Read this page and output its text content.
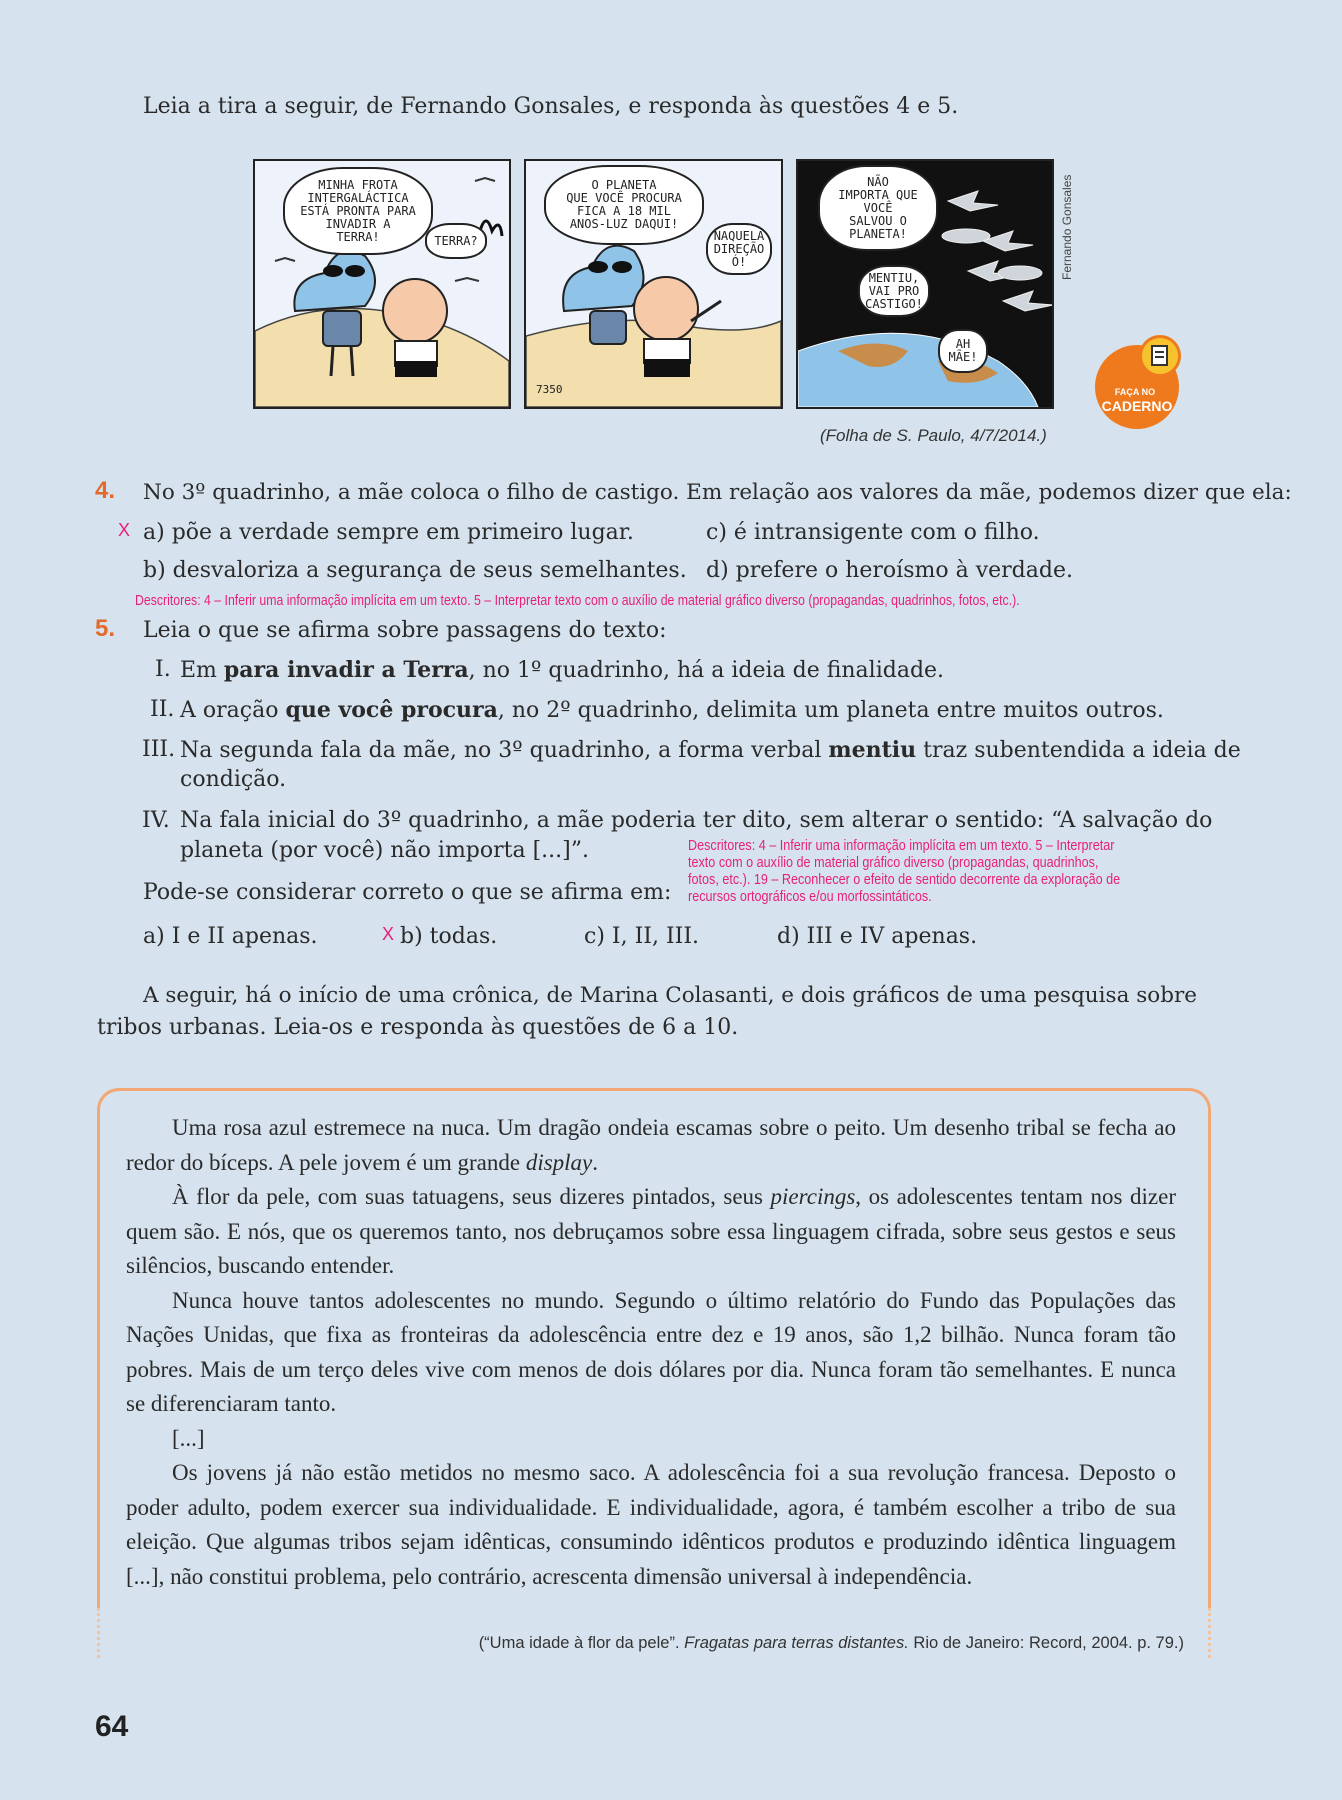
Leia a tira a seguir, de Fernando Gonsales, e responda às questões 4 e 5.
MINHA FROTA
INTERGALÁCTICA
ESTÁ PRONTA PARA
INVADIR A
TERRA!	TERRA?
O PLANETA
QUE VOCÊ PROCURA
FICA A 18 MIL
ANOS-LUZ DAQUI!
NAQUELA
DIREÇÃO
Ó!
7350
NÃO
IMPORTA QUE
VOCÊ
SALVOU O
PLANETA!
MENTIU,
VAI PRO
CASTIGO!
AH
MÃE!
Fernando Gonsales
(Folha de S. Paulo, 4/7/2014.)
FAÇA NO
CADERNO
4. No 3º quadrinho, a mãe coloca o filho de castigo. Em relação aos valores da mãe, podemos dizer que ela:
X a) põe a verdade sempre em primeiro lugar.	c) é intransigente com o filho.
b) desvaloriza a segurança de seus semelhantes. d) prefere o heroísmo à verdade.
Descritores: 4 – Inferir uma informação implícita em um texto. 5 – Interpretar texto com o auxílio de material gráfico diverso (propagandas, quadrinhos, fotos, etc.).
5. Leia o que se afirma sobre passagens do texto:
I. Em para invadir a Terra, no 1º quadrinho, há a ideia de finalidade.
II. A oração que você procura, no 2º quadrinho, delimita um planeta entre muitos outros.
III. Na segunda fala da mãe, no 3º quadrinho, a forma verbal mentiu traz subentendida a ideia de
condição.
IV. Na fala inicial do 3º quadrinho, a mãe poderia ter dito, sem alterar o sentido: “A salvação do
planeta (por você) não importa [...]”.	Descritores: 4 – Inferir uma informação implícita em um texto. 5 – Interpretar
texto com o auxílio de material gráfico diverso (propagandas, quadrinhos,
fotos, etc.). 19 – Reconhecer o efeito de sentido decorrente da exploração de
recursos ortográficos e/ou morfossintáticos.
Pode-se considerar correto o que se afirma em:
a) I e II apenas.	X b) todas.	c) I, II, III.	d) III e IV apenas.
A seguir, há o início de uma crônica, de Marina Colasanti, e dois gráficos de uma pesquisa sobre
tribos urbanas. Leia-os e responda às questões de 6 a 10.

Uma rosa azul estremece na nuca. Um dragão ondeia escamas sobre o peito. Um desenho tribal se fecha ao redor do bíceps. A pele jovem é um grande display.

À flor da pele, com suas tatuagens, seus dizeres pintados, seus piercings, os adolescentes tentam nos dizer quem são. E nós, que os queremos tanto, nos debruçamos sobre essa linguagem cifrada, sobre seus gestos e seus silêncios, buscando entender.

Nunca houve tantos adolescentes no mundo. Segundo o último relatório do Fundo das Populações das Nações Unidas, que fixa as fronteiras da adolescência entre dez e 19 anos, são 1,2 bilhão. Nunca foram tão pobres. Mais de um terço deles vive com menos de dois dólares por dia. Nunca foram tão semelhantes. E nunca se diferenciaram tanto.

[...]

Os jovens já não estão metidos no mesmo saco. A adolescência foi a sua revolução francesa. Deposto o poder adulto, podem exercer sua individualidade. E individualidade, agora, é também escolher a tribo de sua eleição. Que algumas tribos sejam idênticas, consumindo idênticos produtos e produzindo idêntica linguagem [...], não constitui problema, pelo contrário, acrescenta dimensão universal à independência.

(“Uma idade à flor da pele”. Fragatas para terras distantes. Rio de Janeiro: Record, 2004. p. 79.)
64
